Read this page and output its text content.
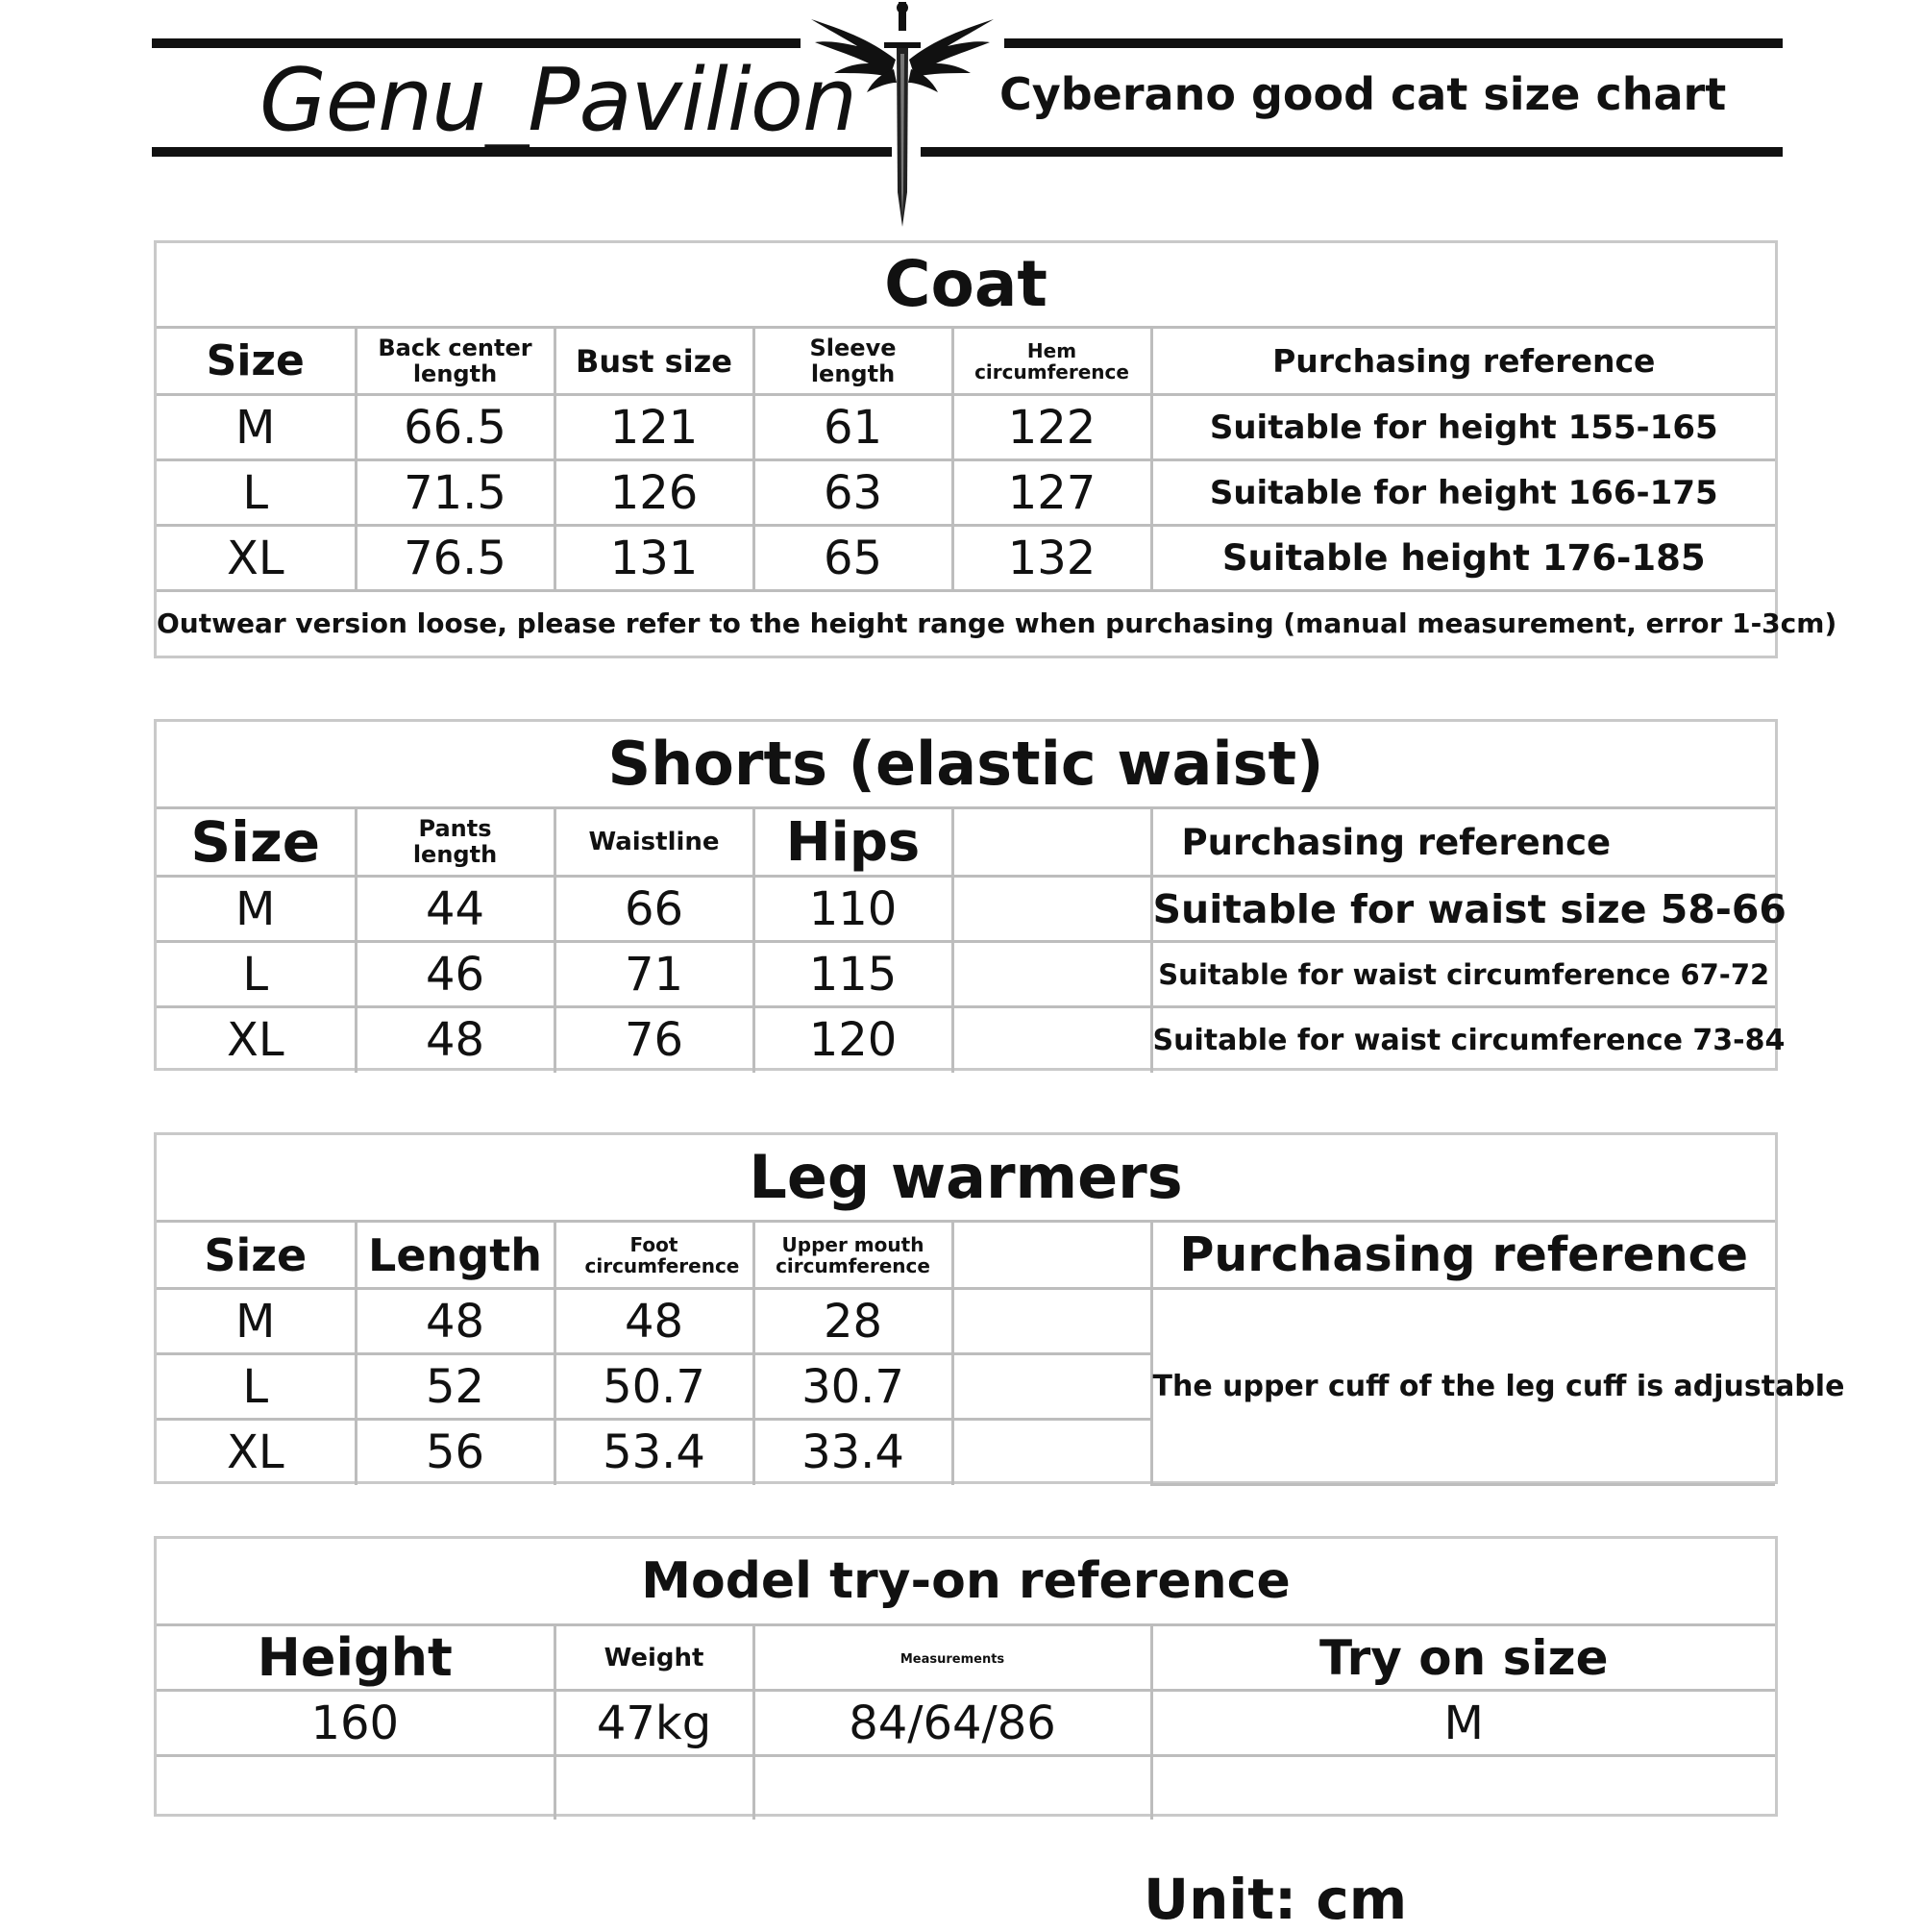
Genu_Pavilion	Cyberano good cat size chart
Coat
Size	Back center length	Bust size	Sleeve length	Hem circumference	Purchasing reference
M	66.5	121	61	122	Suitable for height 155-165
L	71.5	126	63	127	Suitable for height 166-175
XL	76.5	131	65	132	Suitable height 176-185
Outwear version loose, please refer to the height range when purchasing (manual measurement, error 1-3cm)					
Shorts (elastic waist)
Size	Pants length	Waistline	Hips		Purchasing reference
M	44	66	110		Suitable for waist size 58-66
L	46	71	115		Suitable for waist circumference 67-72
XL	48	76	120		Suitable for waist circumference 73-84
Leg warmers
Size	Length	Foot circumference	Upper mouth circumference		Purchasing reference
M	48	48	28		The upper cuff of the leg cuff is adjustable
L	52	50.7	30.7		
XL	56	53.4	33.4		
Model try-on reference
Height	Weight	Measurements	Try on size
160	47kg	84/64/86	M

Unit: cm
